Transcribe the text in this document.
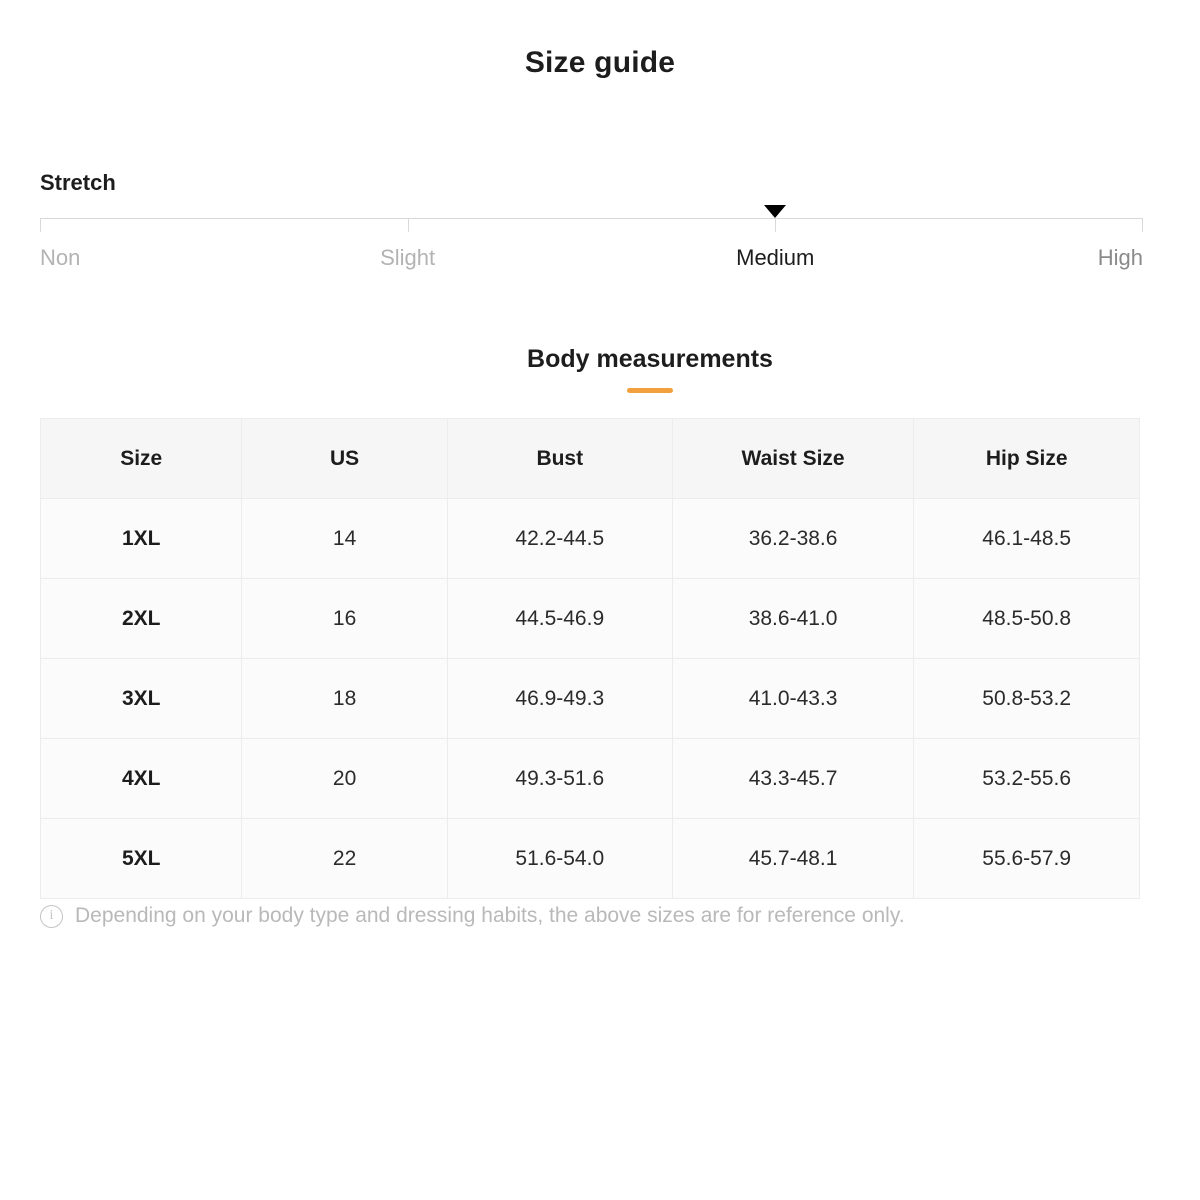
Size guide
Stretch
Non	Slight	Medium	High
Body measurements
Size	US	Bust	Waist Size	Hip Size
1XL	14	42.2-44.5	36.2-38.6	46.1-48.5
2XL	16	44.5-46.9	38.6-41.0	48.5-50.8
3XL	18	46.9-49.3	41.0-43.3	50.8-53.2
4XL	20	49.3-51.6	43.3-45.7	53.2-55.6
5XL	22	51.6-54.0	45.7-48.1	55.6-57.9
i	Depending on your body type and dressing habits, the above sizes are for reference only.
